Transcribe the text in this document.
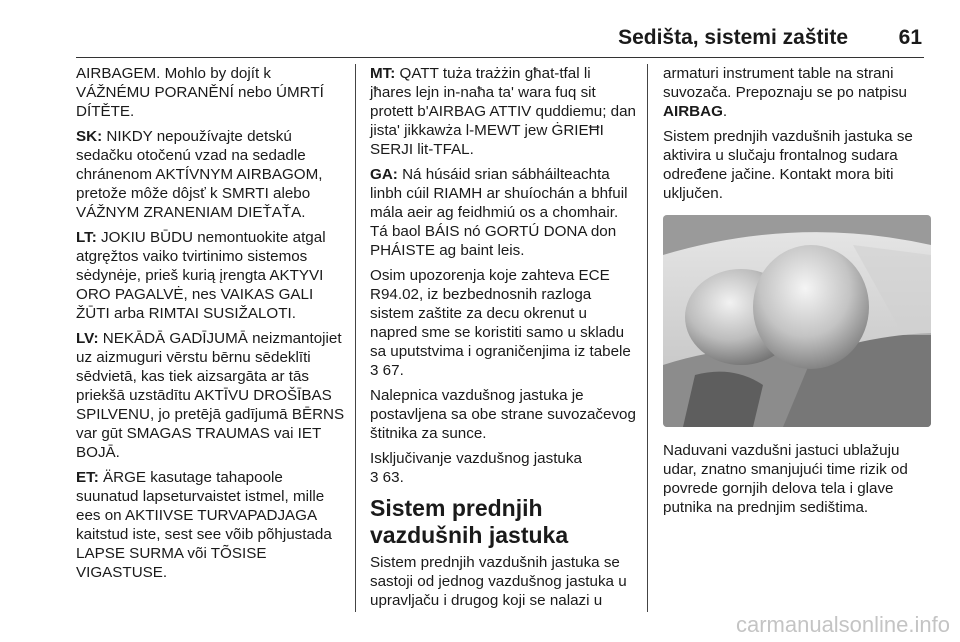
Sedišta, sistemi zaštite 61

AIRBAGEM. Mohlo by dojít k VÁŽNÉMU PORANĚNÍ nebo ÚMRTÍ DÍTĚTE.

SK: NIKDY nepoužívajte detskú sedačku otočenú vzad na sedadle chránenom AKTÍVNYM AIRBAGOM, pretože môže dôjsť k SMRTI alebo VÁŽNYM ZRANENIAM DIEŤAŤA.

LT: JOKIU BŪDU nemontuokite atgal atgręžtos vaiko tvirtinimo sistemos sėdynėje, prieš kurią įrengta AKTYVI ORO PAGALVĖ, nes VAIKAS GALI ŽŪTI arba RIMTAI SUSIŽALOTI.

LV: NEKĀDĀ GADĪJUMĀ neizmantojiet uz aizmuguri vērstu bērnu sēdeklīti sēdvietā, kas tiek aizsargāta ar tās priekšā uzstādītu AKTĪVU DROŠĪBAS SPILVENU, jo pretējā gadījumā BĒRNS var gūt SMAGAS TRAUMAS vai IET BOJĀ.

ET: ÄRGE kasutage tahapoole suunatud lapseturvaistet istmel, mille ees on AKTIIVSE TURVAPADJAGA kaitstud iste, sest see võib põhjustada LAPSE SURMA või TÕSISE VIGASTUSE.

MT: QATT tuża trażżin għat-tfal li jħares lejn in-naħa ta' wara fuq sit protett b'AIRBAG ATTIV quddiemu; dan jista' jikkawża l-MEWT jew ĠRIEĦI SERJI lit-TFAL.

GA: Ná húsáid srian sábháilteachta linbh cúil RIAMH ar shuíochán a bhfuil mála aeir ag feidhmiú os a chomhair. Tá baol BÁIS nó GORTÚ DONA don PHÁISTE ag baint leis.

Osim upozorenja koje zahteva ECE R94.02, iz bezbednosnih razloga sistem zaštite za decu okrenut u napred sme se koristiti samo u skladu sa uputstvima i ograničenjima iz tabele 3 67.

Nalepnica vazdušnog jastuka je postavljena sa obe strane suvozačevog štitnika za sunce.

Isključivanje vazdušnog jastuka
3 63.

Sistem prednjih vazdušnih jastuka

Sistem prednjih vazdušnih jastuka se sastoji od jednog vazdušnog jastuka u upravljaču i drugog koji se nalazi u

armaturi instrument table na strani suvozača. Prepoznaju se po natpisu AIRBAG.

Sistem prednjih vazdušnih jastuka se aktivira u slučaju frontalnog sudara određene jačine. Kontakt mora biti uključen.

Naduvani vazdušni jastuci ublažuju udar, znatno smanjujući time rizik od povrede gornjih delova tela i glave putnika na prednjim sedištima.

carmanualsonline.info
